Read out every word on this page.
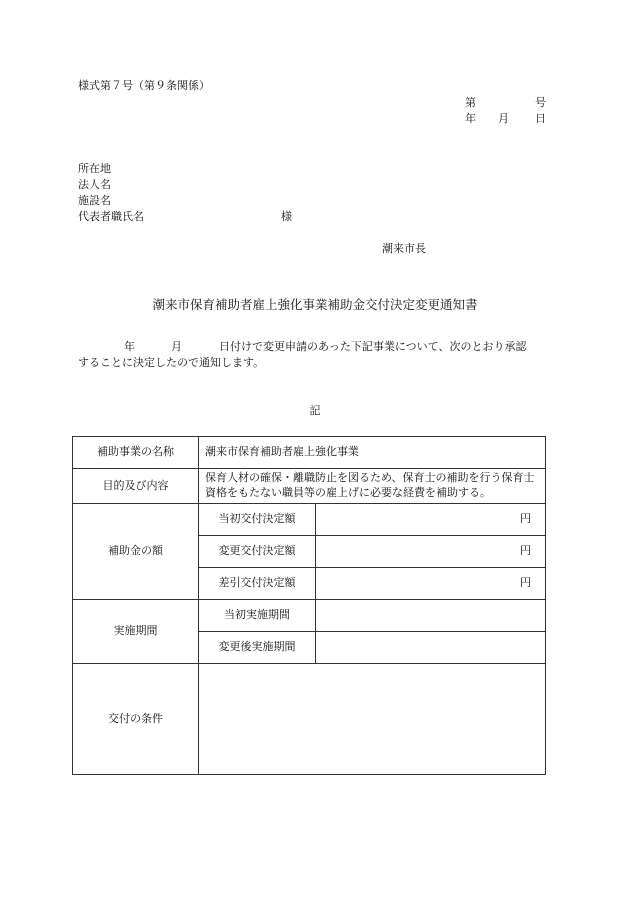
様式第７号（第９条関係）
第	号
年 月 日
所在地
法人名
施設名
代表者職氏名	様
潮来市長
潮来市保育補助者雇上強化事業補助金交付決定変更通知書
年	月	日付けで変更申請のあった下記事業について、次のとおり承認
することに決定したので通知します。
記
補助事業の名称	潮来市保育補助者雇上強化事業	
目的及び内容	保育人材の確保・離職防止を図るため、保育士の補助を行う保育士資格をもたない職員等の雇上げに必要な経費を補助する。	
補助金の額	当初交付決定額	円
	変更交付決定額	円
	差引交付決定額	円
実施期間	当初実施期間	
	変更後実施期間	
交付の条件		
